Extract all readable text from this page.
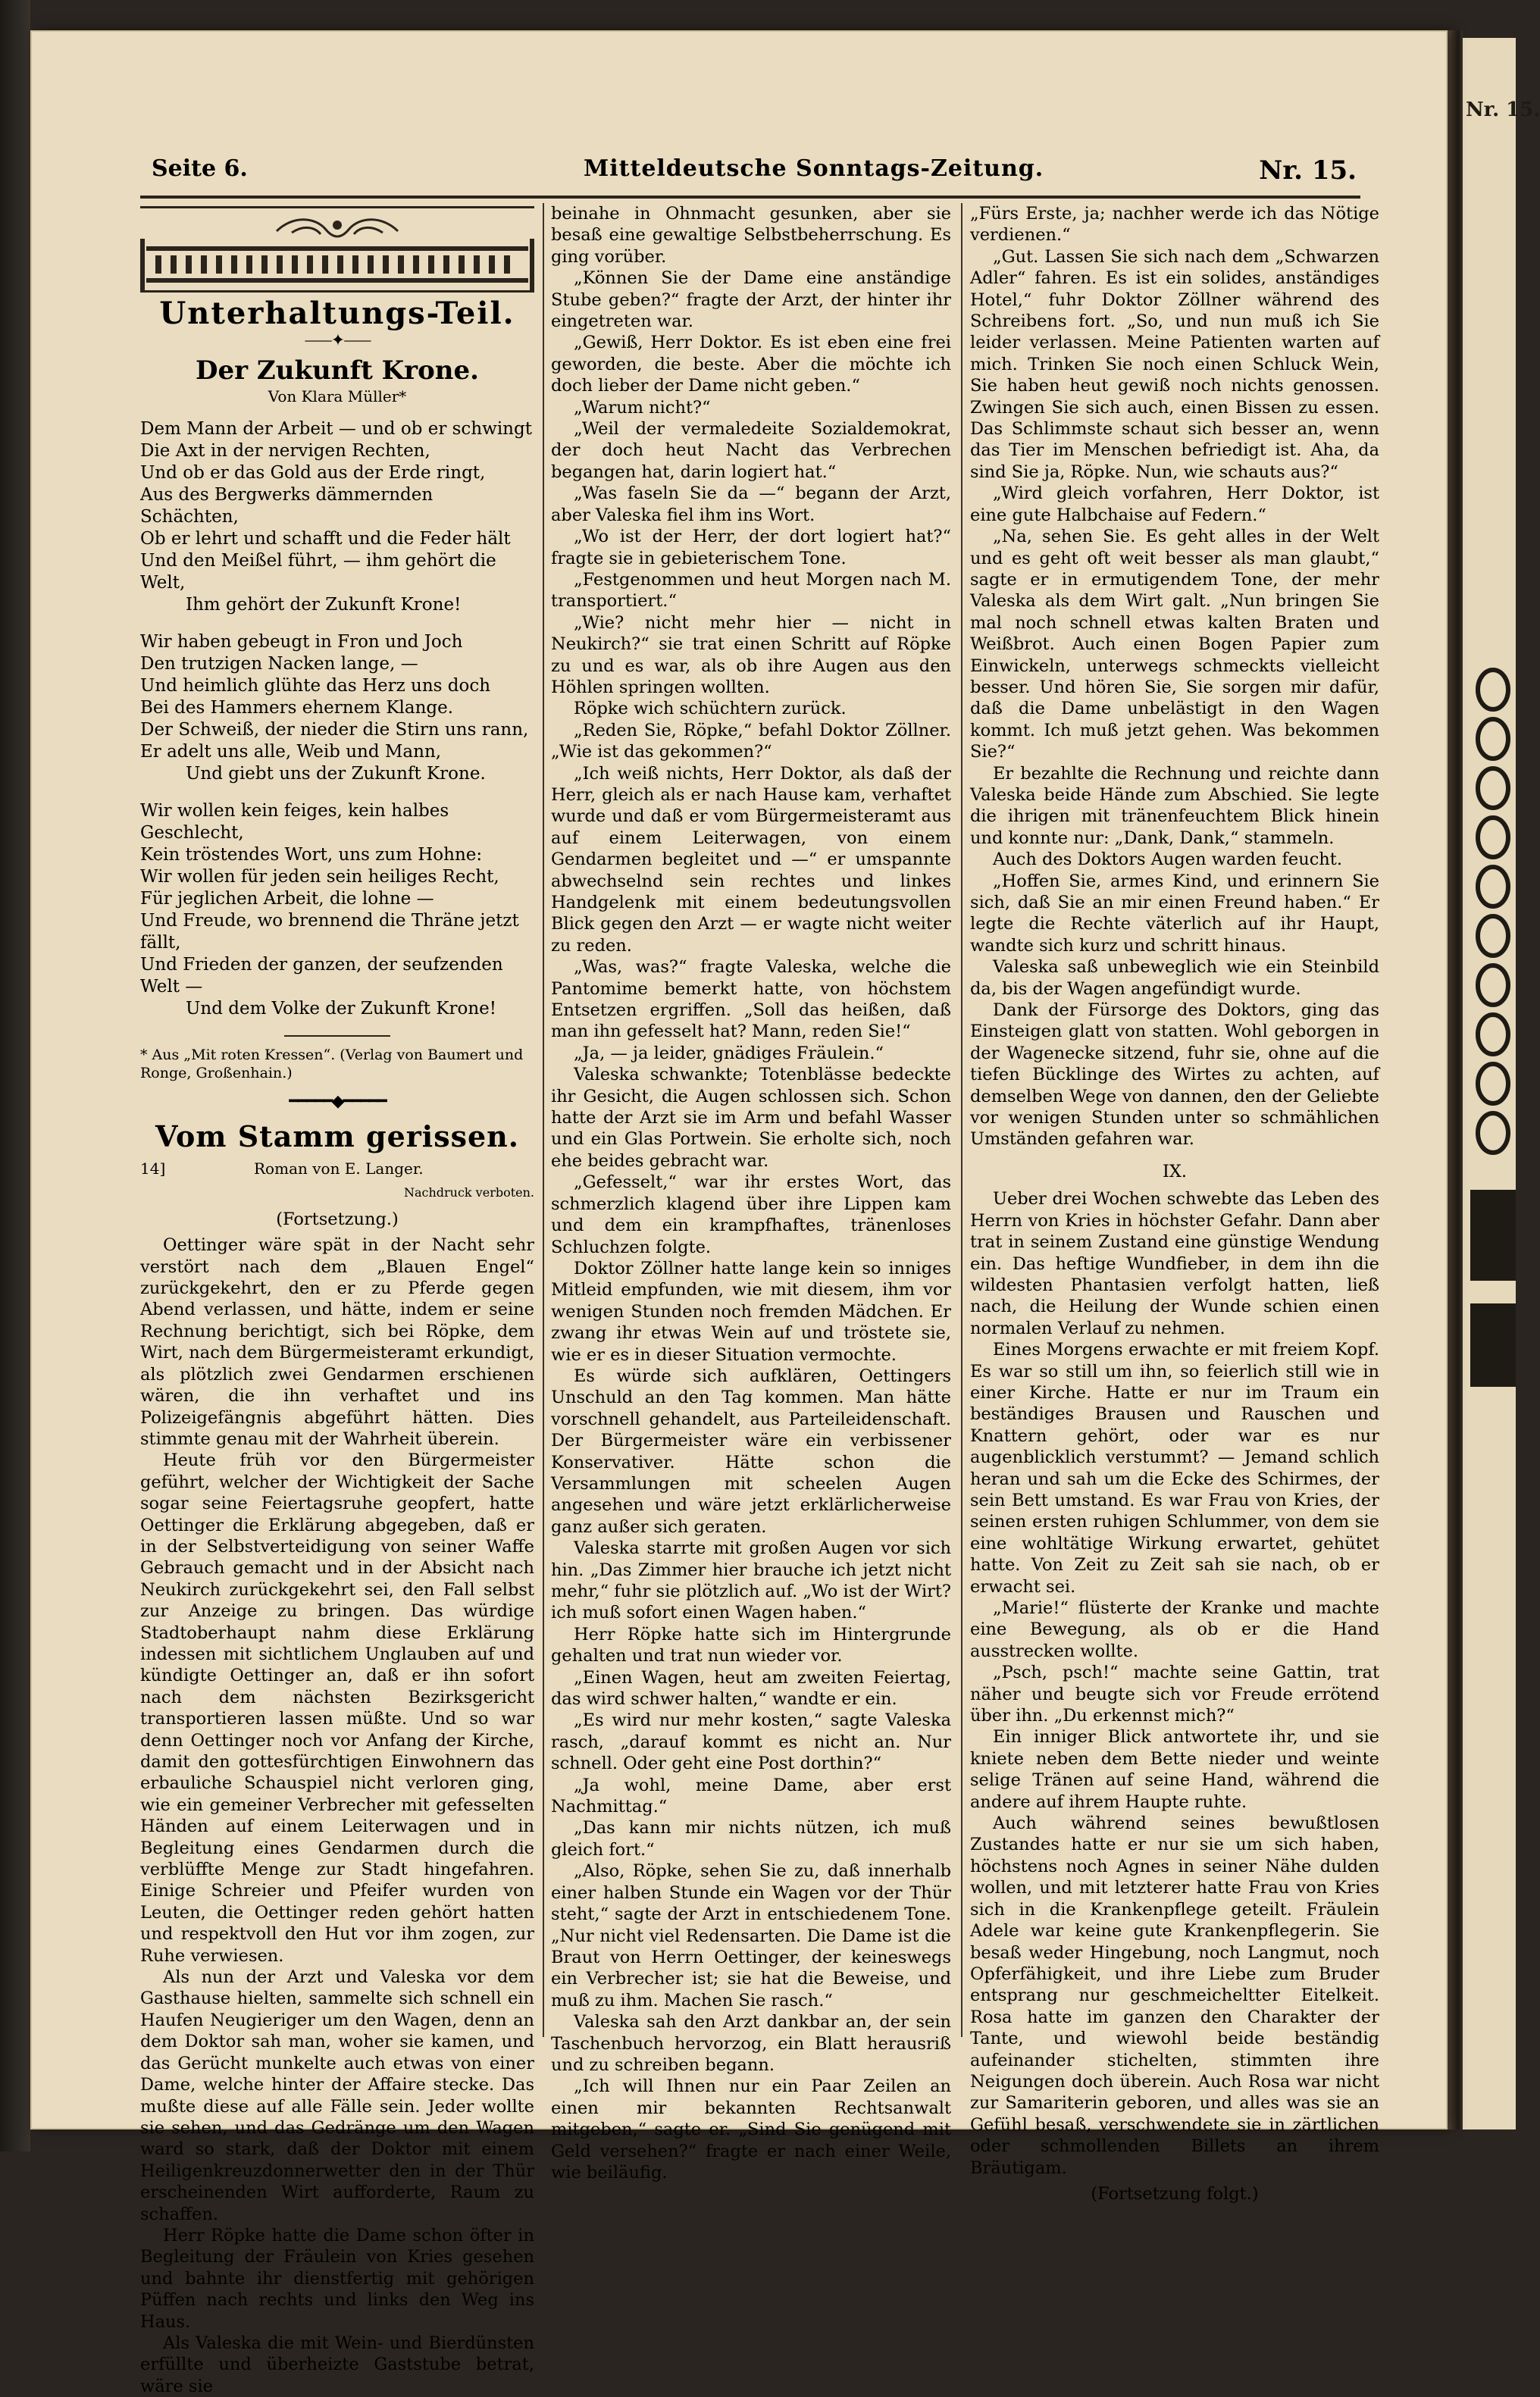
Nr. 15.
Seite 6.	Mitteldeutsche Sonntags-Zeitung.	Nr. 15.
Unterhaltungs-Teil.
⸺✦⸺
Der Zukunft Krone.
Von Klara Müller*
Dem Mann der Arbeit — und ob er schwingt
Die Axt in der nervigen Rechten,
Und ob er das Gold aus der Erde ringt,
Aus des Bergwerks dämmernden Schächten,
Ob er lehrt und schafft und die Feder hält
Und den Meißel führt, — ihm gehört die Welt,
Ihm gehört der Zukunft Krone!
Wir haben gebeugt in Fron und Joch
Den trutzigen Nacken lange, —
Und heimlich glühte das Herz uns doch
Bei des Hammers ehernem Klange.
Der Schweiß, der nieder die Stirn uns rann,
Er adelt uns alle, Weib und Mann,
Und giebt uns der Zukunft Krone.
Wir wollen kein feiges, kein halbes Geschlecht,
Kein tröstendes Wort, uns zum Hohne:
Wir wollen für jeden sein heiliges Recht,
Für jeglichen Arbeit, die lohne —
Und Freude, wo brennend die Thräne jetzt fällt,
Und Frieden der ganzen, der seufzenden Welt —
Und dem Volke der Zukunft Krone!
* Aus „Mit roten Kressen“. (Verlag von Baumert und Ronge, Großenhain.)
━━━━━◆━━━━━
Vom Stamm gerissen.
14]	Roman von E. Langer.
Nachdruck verboten.
(Fortsetzung.)

Oettinger wäre spät in der Nacht sehr verstört nach dem „Blauen Engel“ zurückgekehrt, den er zu Pferde gegen Abend verlassen, und hätte, indem er seine Rechnung berichtigt, sich bei Röpke, dem Wirt, nach dem Bürgermeisteramt erkundigt, als plötzlich zwei Gendarmen erschienen wären, die ihn verhaftet und ins Polizeigefängnis abgeführt hätten. Dies stimmte genau mit der Wahrheit überein.

Heute früh vor den Bürgermeister geführt, welcher der Wichtigkeit der Sache sogar seine Feiertagsruhe geopfert, hatte Oettinger die Erklärung abgegeben, daß er in der Selbstverteidigung von seiner Waffe Gebrauch gemacht und in der Absicht nach Neukirch zurückgekehrt sei, den Fall selbst zur Anzeige zu bringen. Das würdige Stadtoberhaupt nahm diese Erklärung indessen mit sichtlichem Unglauben auf und kündigte Oettinger an, daß er ihn sofort nach dem nächsten Bezirksgericht transportieren lassen müßte. Und so war denn Oettinger noch vor Anfang der Kirche, damit den gottesfürchtigen Einwohnern das erbauliche Schauspiel nicht verloren ging, wie ein gemeiner Verbrecher mit gefesselten Händen auf einem Leiterwagen und in Begleitung eines Gendarmen durch die verblüffte Menge zur Stadt hingefahren. Einige Schreier und Pfeifer wurden von Leuten, die Oettinger reden gehört hatten und respektvoll den Hut vor ihm zogen, zur Ruhe verwiesen.

Als nun der Arzt und Valeska vor dem Gasthause hielten, sammelte sich schnell ein Haufen Neugieriger um den Wagen, denn an dem Doktor sah man, woher sie kamen, und das Gerücht munkelte auch etwas von einer Dame, welche hinter der Affaire stecke. Das mußte diese auf alle Fälle sein. Jeder wollte sie sehen, und das Gedränge um den Wagen ward so stark, daß der Doktor mit einem Heiligenkreuzdonnerwetter den in der Thür erscheinenden Wirt aufforderte, Raum zu schaffen.

Herr Röpke hatte die Dame schon öfter in Begleitung der Fräulein von Kries gesehen und bahnte ihr dienstfertig mit gehörigen Püffen nach rechts und links den Weg ins Haus.

Als Valeska die mit Wein- und Bierdünsten erfüllte und überheizte Gaststube betrat, wäre sie

beinahe in Ohnmacht gesunken, aber sie besaß eine gewaltige Selbstbeherrschung. Es ging vorüber.

„Können Sie der Dame eine anständige Stube geben?“ fragte der Arzt, der hinter ihr eingetreten war.

„Gewiß, Herr Doktor. Es ist eben eine frei geworden, die beste. Aber die möchte ich doch lieber der Dame nicht geben.“

„Warum nicht?“

„Weil der vermaledeite Sozialdemokrat, der doch heut Nacht das Verbrechen begangen hat, darin logiert hat.“

„Was faseln Sie da —“ begann der Arzt, aber Valeska fiel ihm ins Wort.

„Wo ist der Herr, der dort logiert hat?“ fragte sie in gebieterischem Tone.

„Festgenommen und heut Morgen nach M. transportiert.“

„Wie? nicht mehr hier — nicht in Neukirch?“ sie trat einen Schritt auf Röpke zu und es war, als ob ihre Augen aus den Höhlen springen wollten.

Röpke wich schüchtern zurück.

„Reden Sie, Röpke,“ befahl Doktor Zöllner. „Wie ist das gekommen?“

„Ich weiß nichts, Herr Doktor, als daß der Herr, gleich als er nach Hause kam, verhaftet wurde und daß er vom Bürgermeisteramt aus auf einem Leiterwagen, von einem Gendarmen begleitet und —“ er umspannte abwechselnd sein rechtes und linkes Handgelenk mit einem bedeutungsvollen Blick gegen den Arzt — er wagte nicht weiter zu reden.

„Was, was?“ fragte Valeska, welche die Pantomime bemerkt hatte, von höchstem Entsetzen ergriffen. „Soll das heißen, daß man ihn gefesselt hat? Mann, reden Sie!“

„Ja, — ja leider, gnädiges Fräulein.“

Valeska schwankte; Totenblässe bedeckte ihr Gesicht, die Augen schlossen sich. Schon hatte der Arzt sie im Arm und befahl Wasser und ein Glas Portwein. Sie erholte sich, noch ehe beides gebracht war.

„Gefesselt,“ war ihr erstes Wort, das schmerzlich klagend über ihre Lippen kam und dem ein krampfhaftes, tränenloses Schluchzen folgte.

Doktor Zöllner hatte lange kein so inniges Mitleid empfunden, wie mit diesem, ihm vor wenigen Stunden noch fremden Mädchen. Er zwang ihr etwas Wein auf und tröstete sie, wie er es in dieser Situation vermochte.

Es würde sich aufklären, Oettingers Unschuld an den Tag kommen. Man hätte vorschnell gehandelt, aus Parteileidenschaft. Der Bürgermeister wäre ein verbissener Konservativer. Hätte schon die Versammlungen mit scheelen Augen angesehen und wäre jetzt erklärlicherweise ganz außer sich geraten.

Valeska starrte mit großen Augen vor sich hin. „Das Zimmer hier brauche ich jetzt nicht mehr,“ fuhr sie plötzlich auf. „Wo ist der Wirt? ich muß sofort einen Wagen haben.“

Herr Röpke hatte sich im Hintergrunde gehalten und trat nun wieder vor.

„Einen Wagen, heut am zweiten Feiertag, das wird schwer halten,“ wandte er ein.

„Es wird nur mehr kosten,“ sagte Valeska rasch, „darauf kommt es nicht an. Nur schnell. Oder geht eine Post dorthin?“

„Ja wohl, meine Dame, aber erst Nachmittag.“

„Das kann mir nichts nützen, ich muß gleich fort.“

„Also, Röpke, sehen Sie zu, daß innerhalb einer halben Stunde ein Wagen vor der Thür steht,“ sagte der Arzt in entschiedenem Tone. „Nur nicht viel Redensarten. Die Dame ist die Braut von Herrn Oettinger, der keineswegs ein Verbrecher ist; sie hat die Beweise, und muß zu ihm. Machen Sie rasch.“

Valeska sah den Arzt dankbar an, der sein Taschenbuch hervorzog, ein Blatt herausriß und zu schreiben begann.

„Ich will Ihnen nur ein Paar Zeilen an einen mir bekannten Rechtsanwalt mitgeben,“ sagte er. „Sind Sie genügend mit Geld versehen?“ fragte er nach einer Weile, wie beiläufig.

„Fürs Erste, ja; nachher werde ich das Nötige verdienen.“

„Gut. Lassen Sie sich nach dem „Schwarzen Adler“ fahren. Es ist ein solides, anständiges Hotel,“ fuhr Doktor Zöllner während des Schreibens fort. „So, und nun muß ich Sie leider verlassen. Meine Patienten warten auf mich. Trinken Sie noch einen Schluck Wein, Sie haben heut gewiß noch nichts genossen. Zwingen Sie sich auch, einen Bissen zu essen. Das Schlimmste schaut sich besser an, wenn das Tier im Menschen befriedigt ist. Aha, da sind Sie ja, Röpke. Nun, wie schauts aus?“

„Wird gleich vorfahren, Herr Doktor, ist eine gute Halbchaise auf Federn.“

„Na, sehen Sie. Es geht alles in der Welt und es geht oft weit besser als man glaubt,“ sagte er in ermutigendem Tone, der mehr Valeska als dem Wirt galt. „Nun bringen Sie mal noch schnell etwas kalten Braten und Weißbrot. Auch einen Bogen Papier zum Einwickeln, unterwegs schmeckts vielleicht besser. Und hören Sie, Sie sorgen mir dafür, daß die Dame unbelästigt in den Wagen kommt. Ich muß jetzt gehen. Was bekommen Sie?“

Er bezahlte die Rechnung und reichte dann Valeska beide Hände zum Abschied. Sie legte die ihrigen mit tränenfeuchtem Blick hinein und konnte nur: „Dank, Dank,“ stammeln.

Auch des Doktors Augen warden feucht.

„Hoffen Sie, armes Kind, und erinnern Sie sich, daß Sie an mir einen Freund haben.“ Er legte die Rechte väterlich auf ihr Haupt, wandte sich kurz und schritt hinaus.

Valeska saß unbeweglich wie ein Steinbild da, bis der Wagen angefündigt wurde.

Dank der Fürsorge des Doktors, ging das Einsteigen glatt von statten. Wohl geborgen in der Wagenecke sitzend, fuhr sie, ohne auf die tiefen Bücklinge des Wirtes zu achten, auf demselben Wege von dannen, den der Geliebte vor wenigen Stunden unter so schmählichen Umständen gefahren war.

IX.

Ueber drei Wochen schwebte das Leben des Herrn von Kries in höchster Gefahr. Dann aber trat in seinem Zustand eine günstige Wendung ein. Das heftige Wundfieber, in dem ihn die wildesten Phantasien verfolgt hatten, ließ nach, die Heilung der Wunde schien einen normalen Verlauf zu nehmen.

Eines Morgens erwachte er mit freiem Kopf. Es war so still um ihn, so feierlich still wie in einer Kirche. Hatte er nur im Traum ein beständiges Brausen und Rauschen und Knattern gehört, oder war es nur augenblicklich verstummt? — Jemand schlich heran und sah um die Ecke des Schirmes, der sein Bett umstand. Es war Frau von Kries, der seinen ersten ruhigen Schlummer, von dem sie eine wohltätige Wirkung erwartet, gehütet hatte. Von Zeit zu Zeit sah sie nach, ob er erwacht sei.

„Marie!“ flüsterte der Kranke und machte eine Bewegung, als ob er die Hand ausstrecken wollte.

„Psch, psch!“ machte seine Gattin, trat näher und beugte sich vor Freude errötend über ihn. „Du erkennst mich?“

Ein inniger Blick antwortete ihr, und sie kniete neben dem Bette nieder und weinte selige Tränen auf seine Hand, während die andere auf ihrem Haupte ruhte.

Auch während seines bewußtlosen Zustandes hatte er nur sie um sich haben, höchstens noch Agnes in seiner Nähe dulden wollen, und mit letzterer hatte Frau von Kries sich in die Krankenpflege geteilt. Fräulein Adele war keine gute Krankenpflegerin. Sie besaß weder Hingebung, noch Langmut, noch Opferfähigkeit, und ihre Liebe zum Bruder entsprang nur geschmeicheltter Eitelkeit. Rosa hatte im ganzen den Charakter der Tante, und wiewohl beide beständig aufeinander stichelten, stimmten ihre Neigungen doch überein. Auch Rosa war nicht zur Samariterin geboren, und alles was sie an Gefühl besaß, verschwendete sie in zärtlichen oder schmollenden Billets an ihrem Bräutigam.

(Fortsetzung folgt.)
